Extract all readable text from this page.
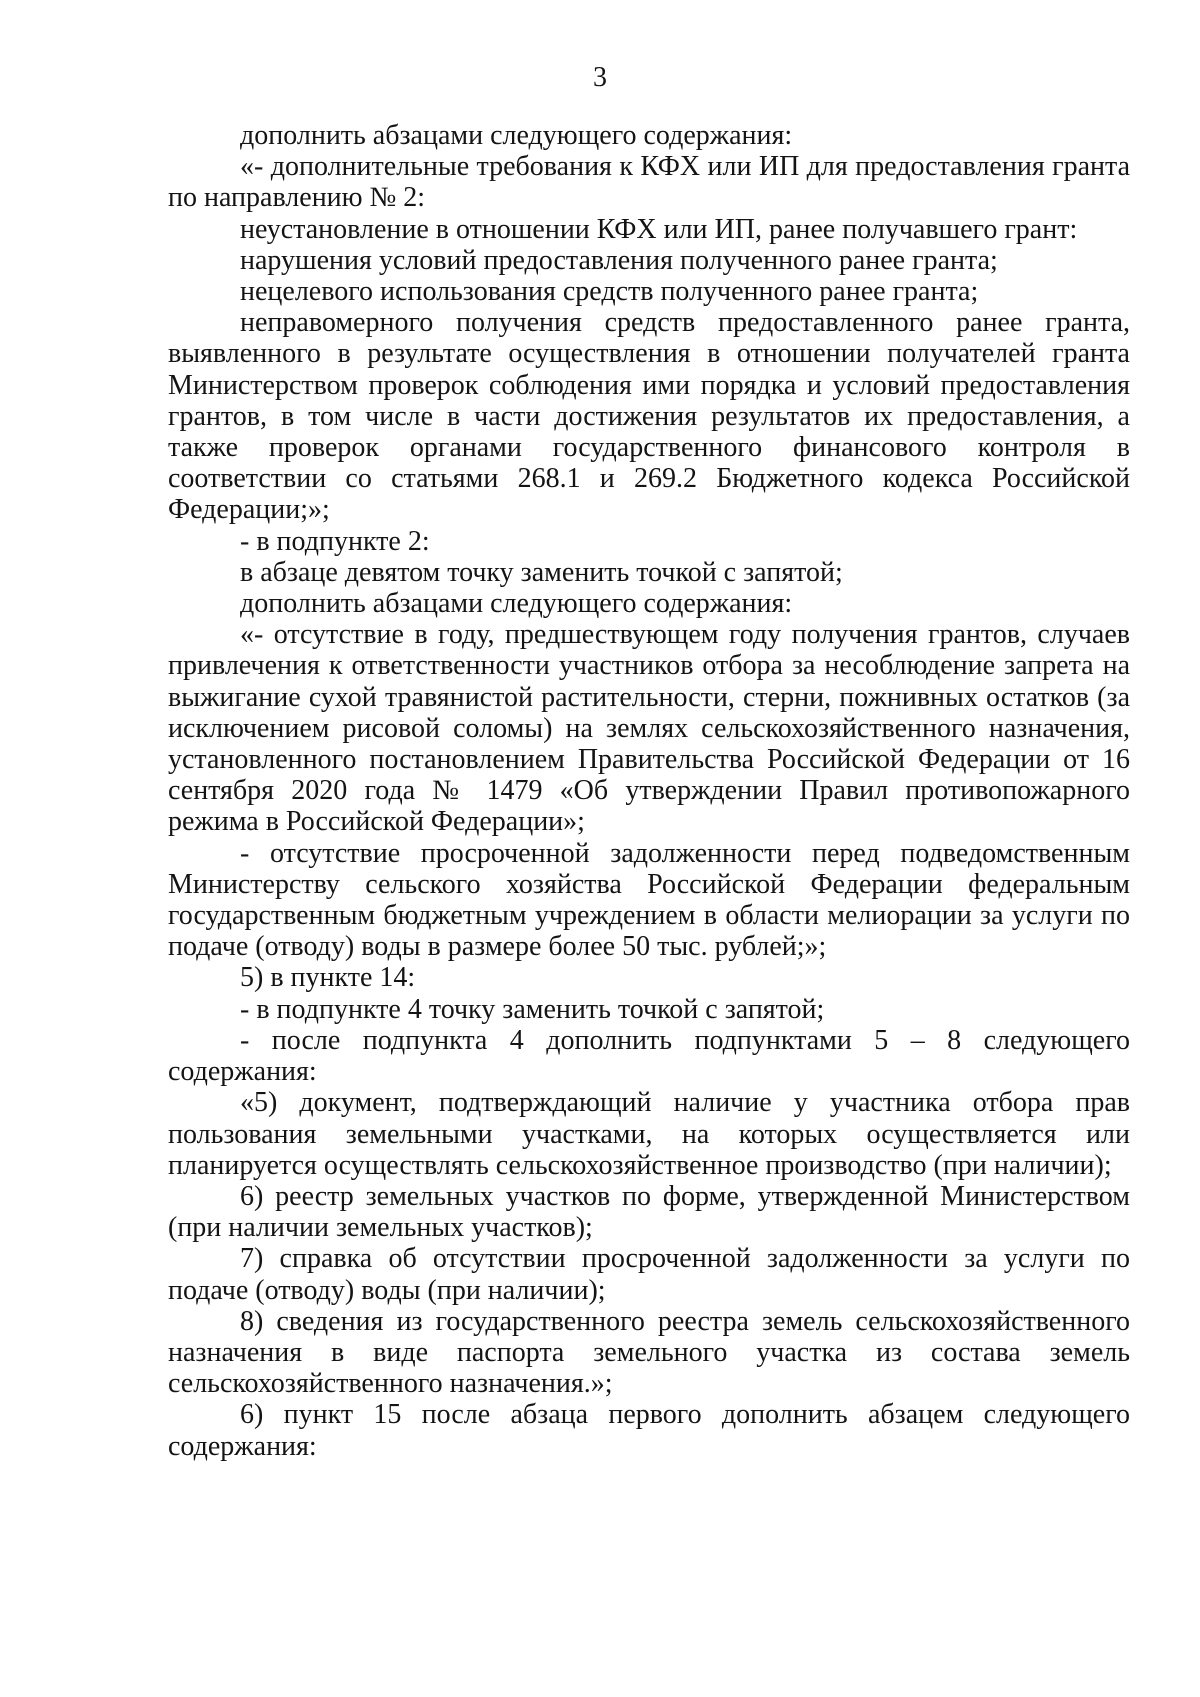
3

дополнить абзацами следующего содержания:

«- дополнительные требования к КФХ или ИП для предоставления гранта по направлению № 2:

неустановление в отношении КФХ или ИП, ранее получавшего грант:

нарушения условий предоставления полученного ранее гранта;

нецелевого использования средств полученного ранее гранта;

неправомерного получения средств предоставленного ранее гранта, выявленного в результате осуществления в отношении получателей гранта Министерством проверок соблюдения ими порядка и условий предоставления грантов, в том числе в части достижения результатов их предоставления, а также проверок органами государственного финансового контроля в соответствии со статьями 268.1 и 269.2 Бюджетного кодекса Российской Федерации;»;

- в подпункте 2:

в абзаце девятом точку заменить точкой с запятой;

дополнить абзацами следующего содержания:

«- отсутствие в году, предшествующем году получения грантов, случаев привлечения к ответственности участников отбора за несоблюдение запрета на выжигание сухой травянистой растительности, стерни, пожнивных остатков (за исключением рисовой соломы) на землях сельскохозяйственного назначения, установленного постановлением Правительства Российской Федерации от 16 сентября 2020 года № 1479 «Об утверждении Правил противопожарного режима в Российской Федерации»;

- отсутствие просроченной задолженности перед подведомственным Министерству сельского хозяйства Российской Федерации федеральным государственным бюджетным учреждением в области мелиорации за услуги по подаче (отводу) воды в размере более 50 тыс. рублей;»;

5) в пункте 14:

- в подпункте 4 точку заменить точкой с запятой;

- после подпункта 4 дополнить подпунктами 5 – 8 следующего содержания:

«5) документ, подтверждающий наличие у участника отбора прав пользования земельными участками, на которых осуществляется или планируется осуществлять сельскохозяйственное производство (при наличии);

6) реестр земельных участков по форме, утвержденной Министерством (при наличии земельных участков);

7) справка об отсутствии просроченной задолженности за услуги по подаче (отводу) воды (при наличии);

8) сведения из государственного реестра земель сельскохозяйственного назначения в виде паспорта земельного участка из состава земель сельскохозяйственного назначения.»;

6) пункт 15 после абзаца первого дополнить абзацем следующего содержания:
